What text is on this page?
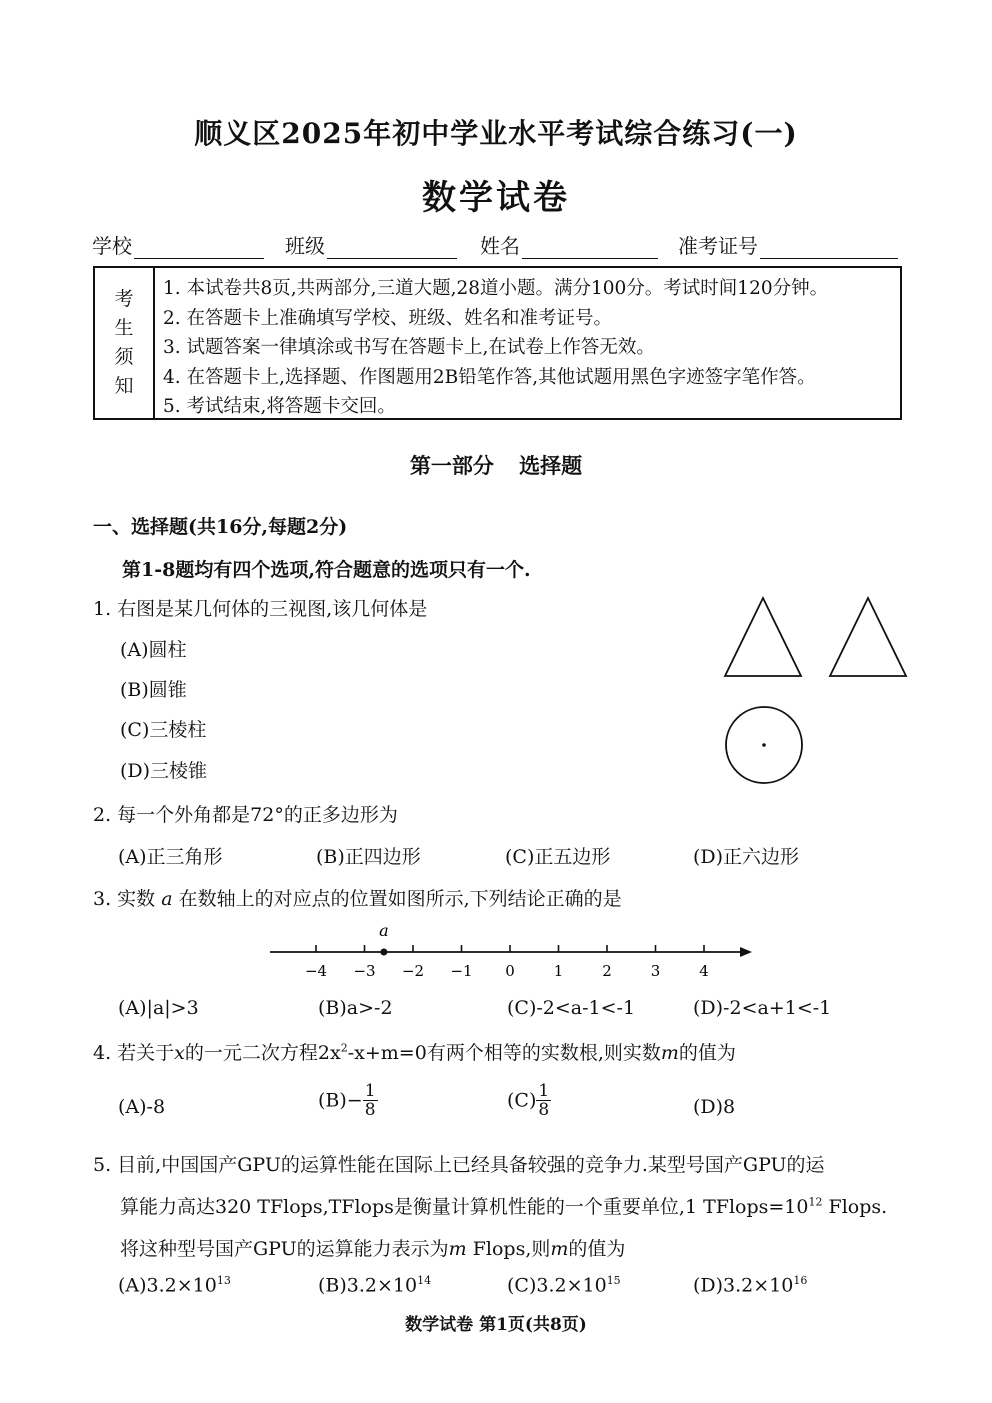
顺义区2025年初中学业水平考试综合练习(一)
数学试卷
学校	班级	姓名	准考证号
考
生
须
知
1. 本试卷共8页,共两部分,三道大题,28道小题。满分100分。考试时间120分钟。
2. 在答题卡上准确填写学校、班级、姓名和准考证号。
3. 试题答案一律填涂或书写在答题卡上,在试卷上作答无效。
4. 在答题卡上,选择题、作图题用2B铅笔作答,其他试题用黑色字迹签字笔作答。
5. 考试结束,将答题卡交回。
第一部分 选择题
一、选择题(共16分,每题2分)
第1-8题均有四个选项,符合题意的选项只有一个.
1. 右图是某几何体的三视图,该几何体是
(A)圆柱
(B)圆锥
(C)三棱柱
(D)三棱锥
2. 每一个外角都是72°的正多边形为
(A)正三角形	(B)正四边形	(C)正五边形	(D)正六边形
3. 实数 a 在数轴上的对应点的位置如图所示,下列结论正确的是
−4 −3 −2 −1 0	1	2	3	4
a
(A)|a|>3	(B)a>-2	(C)-2<a-1<-1	(D)-2<a+1<-1
4. 若关于x的一元二次方程$2x^2-x+m=0$有两个相等的实数根,则实数m的值为
(A)-8	$(B)- \frac{1}{8}$	$(C) \frac{1}{8}$	(D)8
5. 目前,中国国产GPU的运算性能在国际上已经具备较强的竞争力.某型号国产GPU的运
算能力高达320 TFlops,TFlops是衡量计算机性能的一个重要单位,1 $TFlops=10^{12}$ Flops.
将这种型号国产GPU的运算能力表示为m Flops,则m的值为
$(A)3.2\times 10^{13}$	$(B)3.2\times 10^{14}$	$(C)3.2\times 10^{15}$	$(D)3.2\times 10^{16}$
数学试卷 第1页(共8页)
